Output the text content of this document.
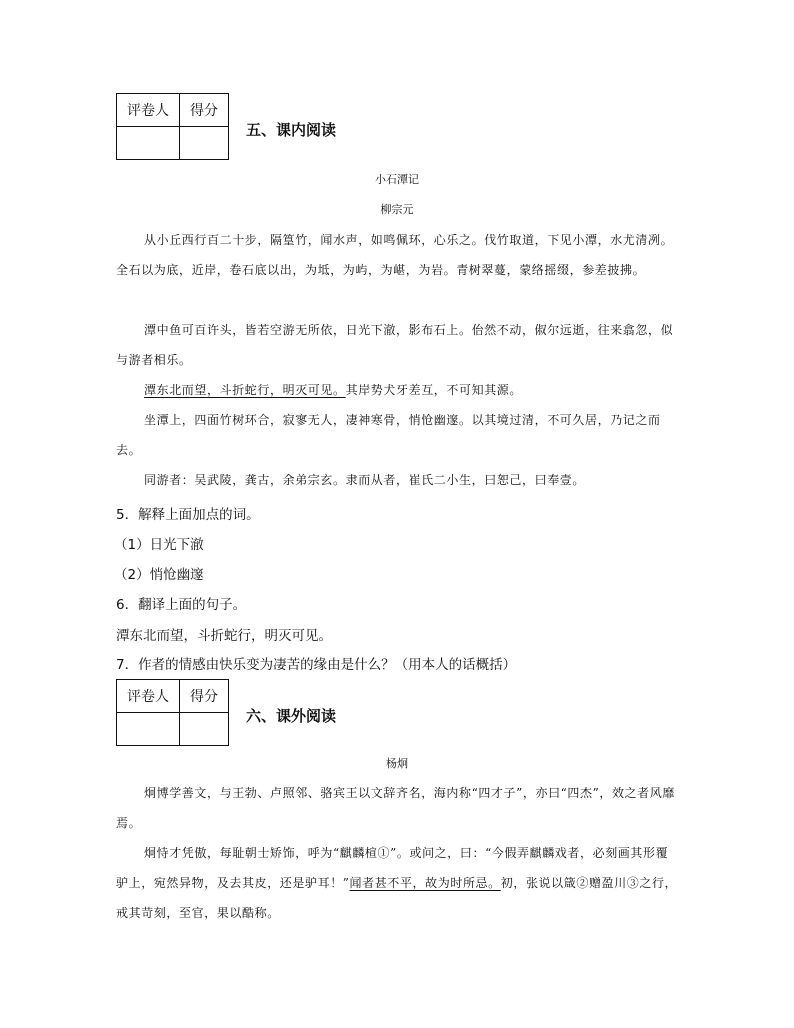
评卷人	得分

五、课内阅读
小石潭记
柳宗元

从小丘西行百二十步，隔篁竹，闻水声，如鸣佩环，心乐之。伐竹取道，下见小潭，水尤清冽。全石以为底，近岸，卷石底以出，为坻，为屿，为嵁，为岩。青树翠蔓，蒙络摇缀，参差披拂。

潭中鱼可百许头，皆若空游无所依，日光下澈，影布石上。佁然不动，俶尔远逝，往来翕忽，似与游者相乐。

潭东北而望，斗折蛇行，明灭可见。其岸势犬牙差互，不可知其源。

坐潭上，四面竹树环合，寂寥无人，凄神寒骨，悄怆幽邃。以其境过清，不可久居，乃记之而去。

同游者：吴武陵，龚古，余弟宗玄。隶而从者，崔氏二小生，曰恕己，曰奉壹。

5．解释上面加点的词。
（1）日光下澈
（2）悄怆幽邃
6．翻译上面的句子。
潭东北而望，斗折蛇行，明灭可见。
7．作者的情感由快乐变为凄苦的缘由是什么？（用本人的话概括）
评卷人	得分

六、课外阅读
杨炯

炯博学善文，与王勃、卢照邻、骆宾王以文辞齐名，海内称“四才子”，亦曰“四杰”，效之者风靡焉。

炯恃才凭傲，每耻朝士矫饰，呼为“麒麟楦①”。或问之，曰：“今假弄麒麟戏者，必刻画其形覆驴上，宛然异物，及去其皮，还是驴耳！”闻者甚不平，故为时所忌。初，张说以箴②赠盈川③之行，戒其苛刻，至官，果以酷称。
